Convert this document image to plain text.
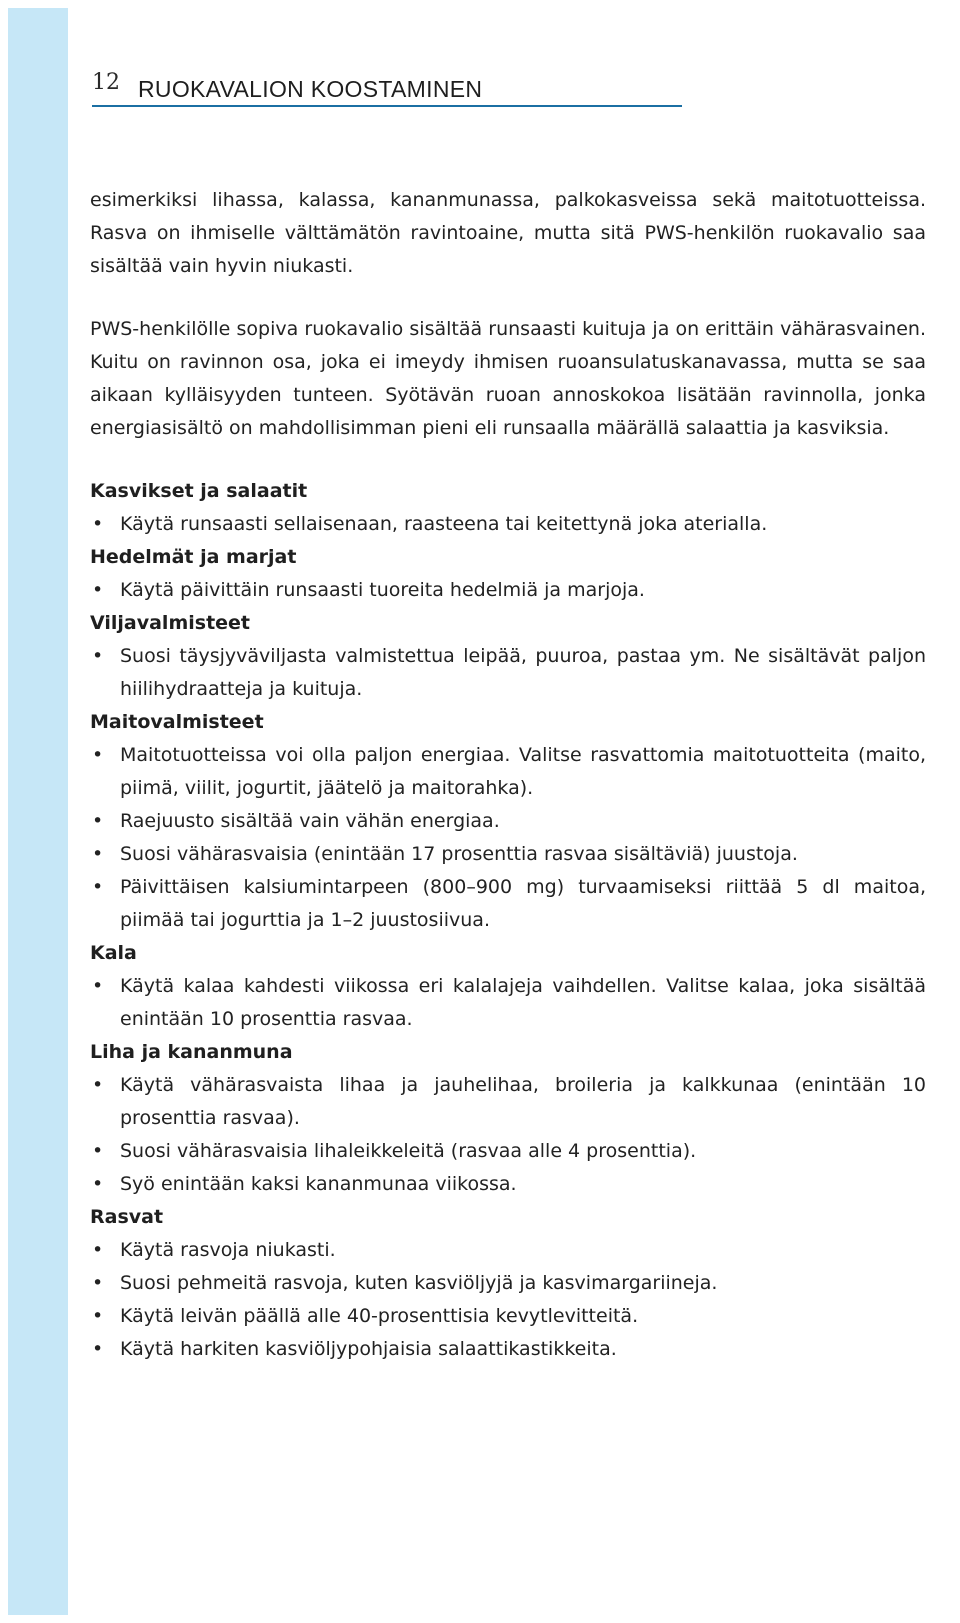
12 RUOKAVALION KOOSTAMINEN

esimerkiksi lihassa, kalassa, kananmunassa, palkokasveissa sekä maitotuotteissa. Rasva on ihmiselle välttämätön ravintoaine, mutta sitä PWS-henkilön ruokavalio saa sisältää vain hyvin niukasti.

PWS-henkilölle sopiva ruokavalio sisältää runsaasti kuituja ja on erittäin vähärasvainen. Kuitu on ravinnon osa, joka ei imeydy ihmisen ruoansulatuskanavassa, mutta se saa aikaan kylläisyyden tunteen. Syötävän ruoan annoskokoa lisätään ravinnolla, jonka energiasisältö on mahdollisimman pieni eli runsaalla määrällä salaattia ja kasviksia.

Kasvikset ja salaatit
• Käytä runsaasti sellaisenaan, raasteena tai keitettynä joka aterialla.
Hedelmät ja marjat
• Käytä päivittäin runsaasti tuoreita hedelmiä ja marjoja.
Viljavalmisteet
• Suosi täysjyväviljasta valmistettua leipää, puuroa, pastaa ym. Ne sisältävät paljon hiilihydraatteja ja kuituja.
Maitovalmisteet
• Maitotuotteissa voi olla paljon energiaa. Valitse rasvattomia maitotuotteita (maito, piimä, viilit, jogurtit, jäätelö ja maitorahka).
• Raejuusto sisältää vain vähän energiaa.
• Suosi vähärasvaisia (enintään 17 prosenttia rasvaa sisältäviä) juustoja.
• Päivittäisen kalsiumintarpeen (800–900 mg) turvaamiseksi riittää 5 dl maitoa, piimää tai jogurttia ja 1–2 juustosiivua.
Kala
• Käytä kalaa kahdesti viikossa eri kalalajeja vaihdellen. Valitse kalaa, joka sisältää enintään 10 prosenttia rasvaa.
Liha ja kananmuna
• Käytä vähärasvaista lihaa ja jauhelihaa, broileria ja kalkkunaa (enintään 10 prosenttia rasvaa).
• Suosi vähärasvaisia lihaleikkeleitä (rasvaa alle 4 prosenttia).
• Syö enintään kaksi kananmunaa viikossa.
Rasvat
• Käytä rasvoja niukasti.
• Suosi pehmeitä rasvoja, kuten kasviöljyjä ja kasvimargariineja.
• Käytä leivän päällä alle 40-prosenttisia kevytlevitteitä.
• Käytä harkiten kasviöljypohjaisia salaattikastikkeita.
